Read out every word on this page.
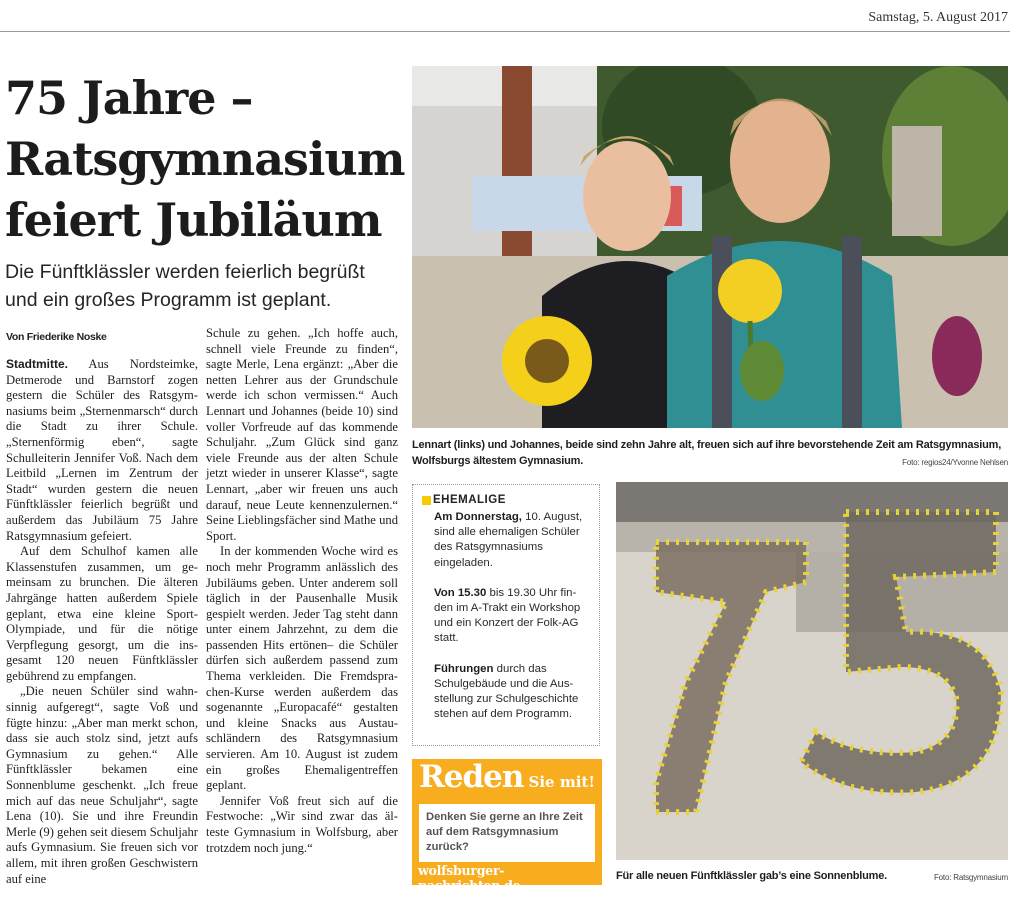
Samstag, 5. August 2017
75 Jahre –
Ratsgymnasium
feiert Jubiläum

Die Fünftklässler werden feierlich begrüßt und ein großes Programm ist geplant.

Von Friederike Noske

Stadtmitte. Aus Nordsteimke, Detmerode und Barnstorf zogen gestern die Schüler des Ratsgymnasiums beim „Sternenmarsch“ durch die Stadt zu ihrer Schule. „Sternenförmig eben“, sagte Schulleiterin Jennifer Voß. Nach dem Leitbild „Lernen im Zentrum der Stadt“ wurden gestern die neuen Fünftklässler feierlich begrüßt und außerdem das Jubiläum 75 Jahre Ratsgymnasium gefeiert.

Auf dem Schulhof kamen alle Klassenstufen zusammen, um gemeinsam zu brunchen. Die älteren Jahrgänge hatten außerdem Spiele geplant, etwa eine kleine Sport-Olympiade, und für die nötige Verpflegung gesorgt, um die insgesamt 120 neuen Fünftklässler gebührend zu empfangen.

„Die neuen Schüler sind wahnsinnig aufgeregt“, sagte Voß und fügte hinzu: „Aber man merkt schon, dass sie auch stolz sind, jetzt aufs Gymnasium zu gehen.“ Alle Fünftklässler bekamen eine Sonnenblume geschenkt. „Ich freue mich auf das neue Schuljahr“, sagte Lena (10). Sie und ihre Freundin Merle (9) gehen seit diesem Schuljahr aufs Gymnasium. Sie freuen sich vor allem, mit ihren großen Geschwistern auf eine

Schule zu gehen. „Ich hoffe auch, schnell viele Freunde zu finden“, sagte Merle, Lena ergänzt: „Aber die netten Lehrer aus der Grundschule werde ich schon vermissen.“ Auch Lennart und Johannes (beide 10) sind voller Vorfreude auf das kommende Schuljahr. „Zum Glück sind ganz viele Freunde aus der alten Schule jetzt wieder in unserer Klasse“, sagte Lennart, „aber wir freuen uns auch darauf, neue Leute kennenzulernen.“ Seine Lieblingsfächer sind Mathe und Sport.

In der kommenden Woche wird es noch mehr Programm anlässlich des Jubiläums geben. Unter anderem soll täglich in der Pausenhalle Musik gespielt werden. Jeder Tag steht dann unter einem Jahrzehnt, zu dem die passenden Hits ertönen– die Schüler dürfen sich außerdem passend zum Thema verkleiden. Die Fremdsprachen-Kurse werden außerdem das sogenannte „Europacafé“ gestalten und kleine Snacks aus Austauschländern des Ratsgymnasium servieren. Am 10. August ist zudem ein großes Ehemaligentreffen geplant.

Jennifer Voß freut sich auf die Festwoche: „Wir sind zwar das älteste Gymnasium in Wolfsburg, aber trotzdem noch jung.“

Lennart (links) und Johannes, beide sind zehn Jahre alt, freuen sich auf ihre bevorstehende Zeit am Ratsgymnasium, Wolfsburgs ältestem Gymnasium.	Foto: regios24/Yvonne Nehlsen
EHEMALIGE

Am Donnerstag, 10. August, sind alle ehemaligen Schüler des Ratsgymnasiums eingeladen.

Von 15.30 bis 19.30 Uhr finden im A-Trakt ein Workshop und ein Konzert der Folk-AG statt.

Führungen durch das Schulgebäude und die Ausstellung zur Schulgeschichte stehen auf dem Programm.

Reden Sie mit!
Denken Sie gerne an Ihre Zeit auf dem Ratsgymnasium zurück?
wolfsburger-nachrichten.de
Für alle neuen Fünftklässler gab’s eine Sonnenblume.	Foto: Ratsgymnasium
